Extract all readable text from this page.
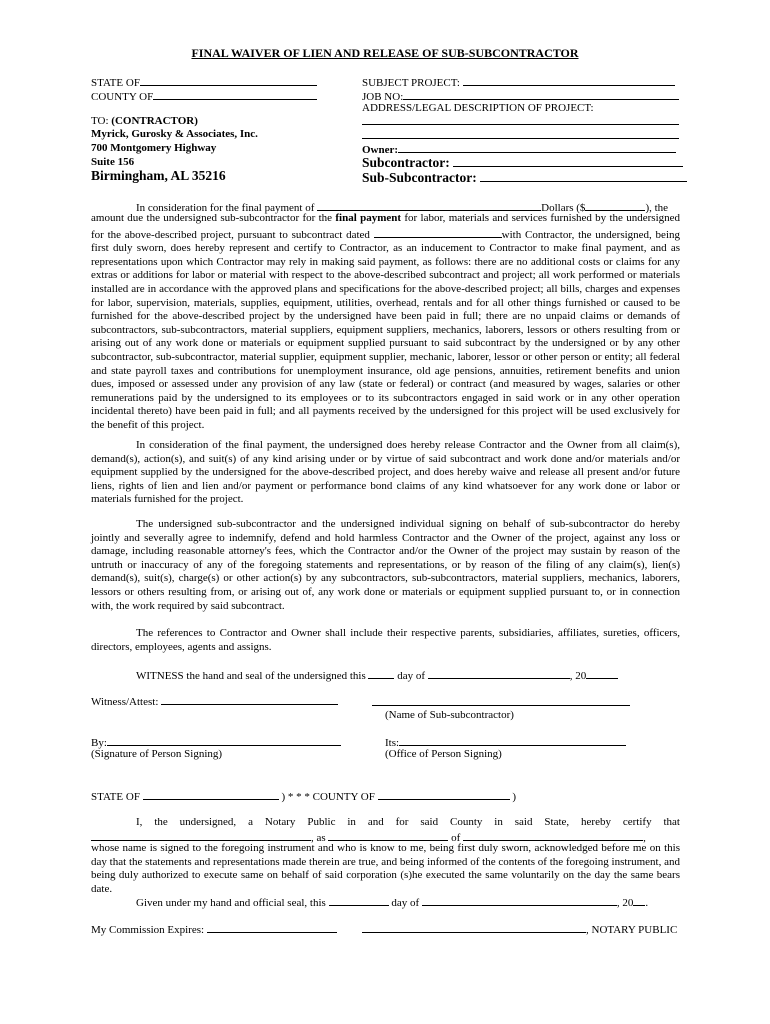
FINAL WAIVER OF LIEN AND RELEASE OF SUB-SUBCONTRACTOR
STATE OF
COUNTY OF
TO: (CONTRACTOR)
Myrick, Gurosky & Associates, Inc.
700 Montgomery Highway
Suite 156
Birmingham, AL 35216
SUBJECT PROJECT:
JOB NO:
ADDRESS/LEGAL DESCRIPTION OF PROJECT:
Owner:
Subcontractor:
Sub-Subcontractor:
In consideration for the final payment of	Dollars ($	), the
amount due the undersigned sub-subcontractor for the final payment for labor, materials and services furnished by the undersigned for the above-described project, pursuant to subcontract dated	with Contractor, the undersigned, being first duly sworn, does hereby represent and certify to Contractor, as an inducement to Contractor to make final payment, and as representations upon which Contractor may rely in making said payment, as follows: there are no additional costs or claims for any extras or additions for labor or material with respect to the above-described subcontract and project; all work performed or materials installed are in accordance with the approved plans and specifications for the above-described project; all bills, charges and expenses for labor, supervision, materials, supplies, equipment, utilities, overhead, rentals and for all other things furnished or caused to be furnished for the above-described project by the undersigned have been paid in full; there are no unpaid claims or demands of subcontractors, sub-subcontractors, material suppliers, equipment suppliers, mechanics, laborers, lessors or others resulting from or arising out of any work done or materials or equipment supplied pursuant to said subcontract by the undersigned or by any other subcontractor, sub-subcontractor, material supplier, equipment supplier, mechanic, laborer, lessor or other person or entity; all federal and state payroll taxes and contributions for unemployment insurance, old age pensions, annuities, retirement benefits and union dues, imposed or assessed under any provision of any law (state or federal) or contract (and measured by wages, salaries or other remunerations paid by the undersigned to its employees or to its subcontractors engaged in said work or in any other operation incidental thereto) have been paid in full; and all payments received by the undersigned for this project will be used exclusively for the benefit of this project.
In consideration of the final payment, the undersigned does hereby release Contractor and the Owner from all claim(s), demand(s), action(s), and suit(s) of any kind arising under or by virtue of said subcontract and work done and/or materials and/or equipment supplied by the undersigned for the above-described project, and does hereby waive and release all present and/or future liens, rights of lien and lien and/or payment or performance bond claims of any kind whatsoever for any work done or labor or materials furnished for the project.
The undersigned sub-subcontractor and the undersigned individual signing on behalf of sub-subcontractor do hereby jointly and severally agree to indemnify, defend and hold harmless Contractor and the Owner of the project, against any loss or damage, including reasonable attorney's fees, which the Contractor and/or the Owner of the project may sustain by reason of the untruth or inaccuracy of any of the foregoing statements and representations, or by reason of the filing of any claim(s), lien(s) demand(s), suit(s), charge(s) or other action(s) by any subcontractors, sub-subcontractors, material suppliers, mechanics, laborers, lessors or others resulting from, or arising out of, any work done or materials or equipment supplied pursuant to, or in connection with, the work required by said subcontract.
The references to Contractor and Owner shall include their respective parents, subsidiaries, affiliates, sureties, officers, directors, employees, agents and assigns.
WITNESS the hand and seal of the undersigned this	day of	, 20
Witness/Attest:
(Name of Sub-subcontractor)
By:
(Signature of Person Signing)
Its:
(Office of Person Signing)
STATE OF	) * * * COUNTY OF	)
I, the undersigned, a Notary Public in and for said County in said State, hereby certify that
, as	of	,
whose name is signed to the foregoing instrument and who is know to me, being first duly sworn, acknowledged before me on this day that the statements and representations made therein are true, and being informed of the contents of the foregoing instrument, and being duly authorized to execute same on behalf of said corporation (s)he executed the same voluntarily on the day the same bears date.
Given under my hand and official seal, this	day of	, 20 .
My Commission Expires:	, NOTARY PUBLIC
